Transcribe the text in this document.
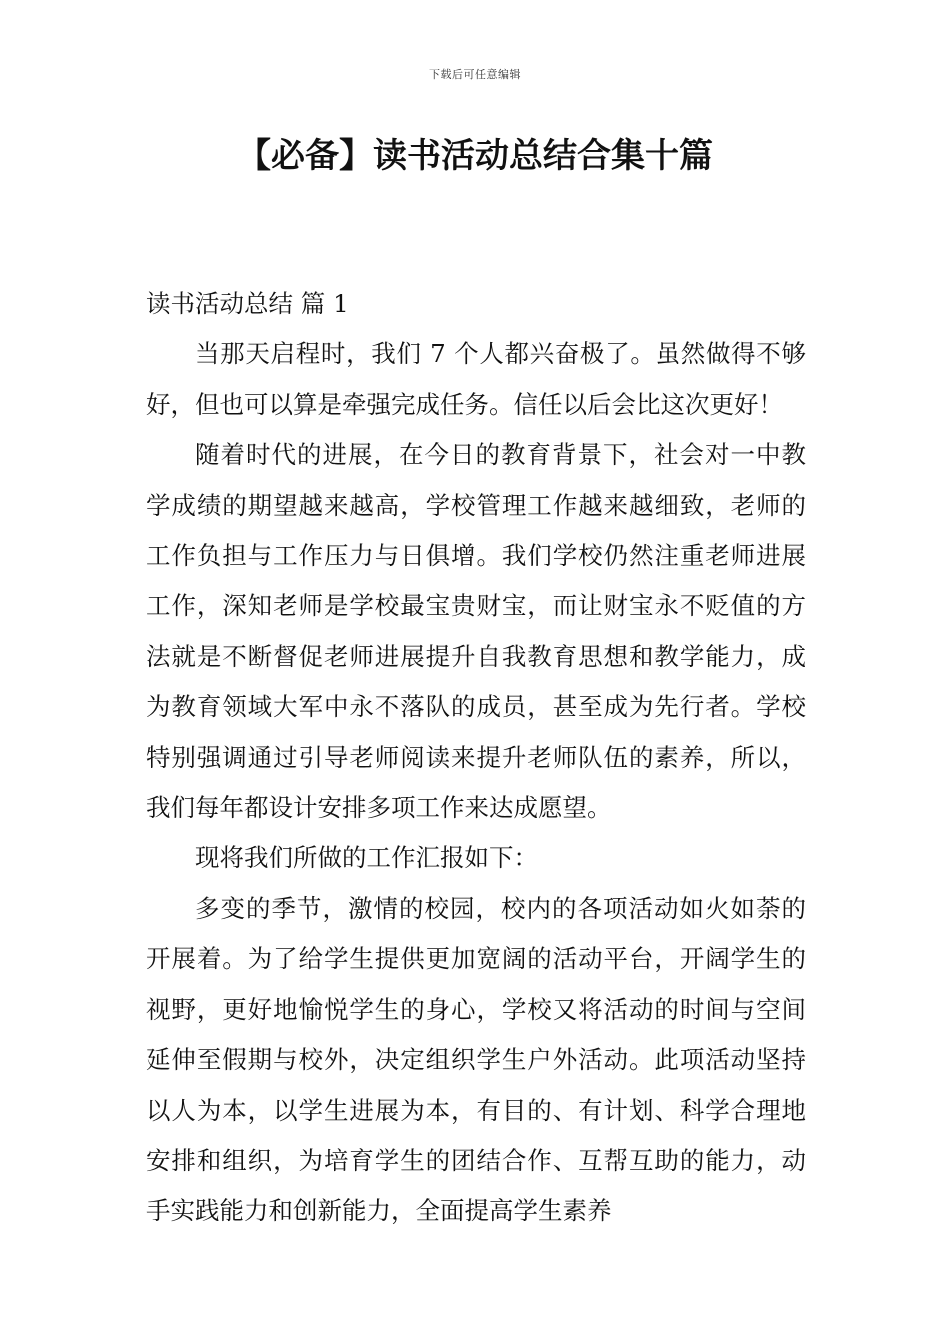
下载后可任意编辑
【必备】读书活动总结合集十篇

读书活动总结 篇 1

当那天启程时，我们 7 个人都兴奋极了。虽然做得不够好，但也可以算是牵强完成任务。信任以后会比这次更好！

随着时代的进展，在今日的教育背景下，社会对一中教学成绩的期望越来越高，学校管理工作越来越细致，老师的工作负担与工作压力与日俱增。我们学校仍然注重老师进展工作，深知老师是学校最宝贵财宝，而让财宝永不贬值的方法就是不断督促老师进展提升自我教育思想和教学能力，成为教育领域大军中永不落队的成员，甚至成为先行者。学校特别强调通过引导老师阅读来提升老师队伍的素养，所以，我们每年都设计安排多项工作来达成愿望。

现将我们所做的工作汇报如下：

多变的季节，激情的校园，校内的各项活动如火如荼的开展着。为了给学生提供更加宽阔的活动平台，开阔学生的视野，更好地愉悦学生的身心，学校又将活动的时间与空间延伸至假期与校外，决定组织学生户外活动。此项活动坚持以人为本，以学生进展为本，有目的、有计划、科学合理地安排和组织，为培育学生的团结合作、互帮互助的能力，动手实践能力和创新能力，全面提高学生素养
